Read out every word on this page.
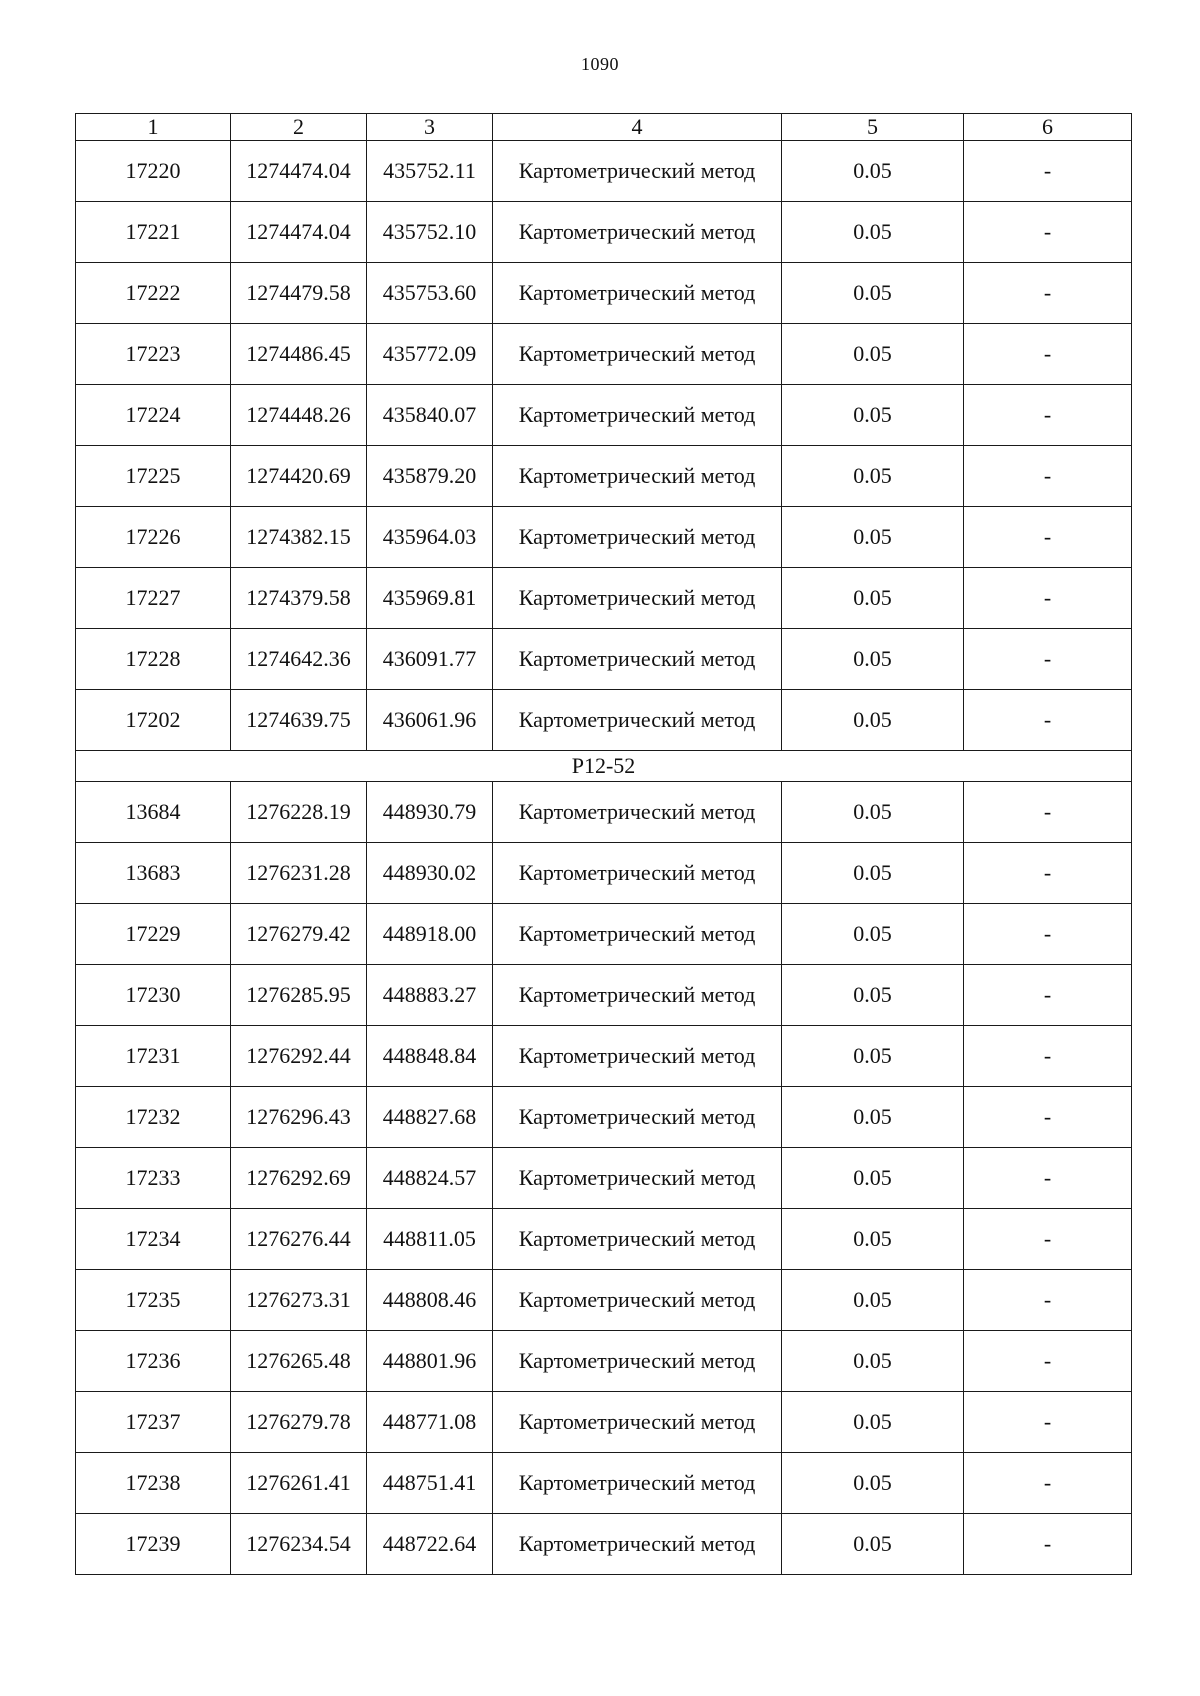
1090
1	2	3	4	5	6
17220	1274474.04	435752.11	Картометрический метод	0.05	-
17221	1274474.04	435752.10	Картометрический метод	0.05	-
17222	1274479.58	435753.60	Картометрический метод	0.05	-
17223	1274486.45	435772.09	Картометрический метод	0.05	-
17224	1274448.26	435840.07	Картометрический метод	0.05	-
17225	1274420.69	435879.20	Картометрический метод	0.05	-
17226	1274382.15	435964.03	Картометрический метод	0.05	-
17227	1274379.58	435969.81	Картометрический метод	0.05	-
17228	1274642.36	436091.77	Картометрический метод	0.05	-
17202	1274639.75	436061.96	Картометрический метод	0.05	-
Р12-52					
13684	1276228.19	448930.79	Картометрический метод	0.05	-
13683	1276231.28	448930.02	Картометрический метод	0.05	-
17229	1276279.42	448918.00	Картометрический метод	0.05	-
17230	1276285.95	448883.27	Картометрический метод	0.05	-
17231	1276292.44	448848.84	Картометрический метод	0.05	-
17232	1276296.43	448827.68	Картометрический метод	0.05	-
17233	1276292.69	448824.57	Картометрический метод	0.05	-
17234	1276276.44	448811.05	Картометрический метод	0.05	-
17235	1276273.31	448808.46	Картометрический метод	0.05	-
17236	1276265.48	448801.96	Картометрический метод	0.05	-
17237	1276279.78	448771.08	Картометрический метод	0.05	-
17238	1276261.41	448751.41	Картометрический метод	0.05	-
17239	1276234.54	448722.64	Картометрический метод	0.05	-
